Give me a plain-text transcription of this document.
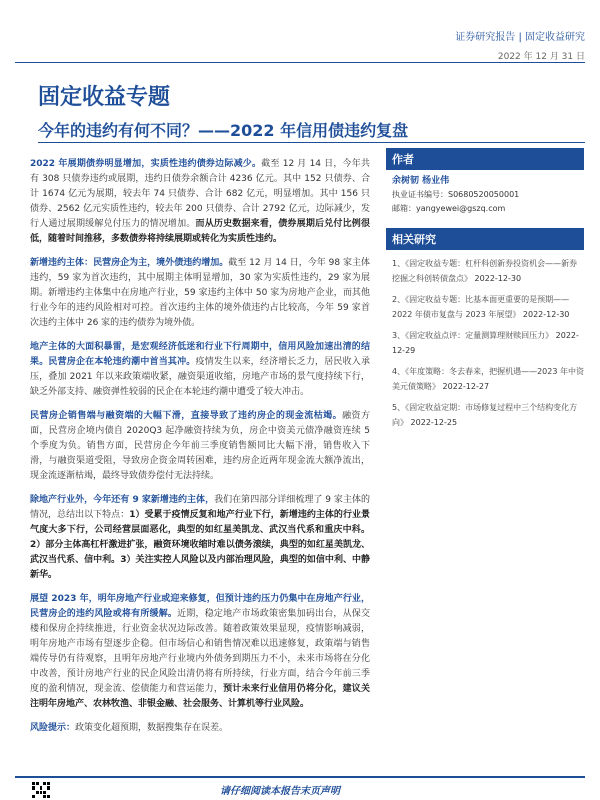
证券研究报告 | 固定收益研究
2022 年 12 月 31 日
固定收益专题
今年的违约有何不同？——2022 年信用债违约复盘

2022 年展期债券明显增加，实质性违约债券边际减少。截至 12 月 14 日，今年共有 308 只债券违约或展期，违约日债券余额合计 4236 亿元。其中 152 只债券、合计 1674 亿元为展期，较去年 74 只债券、合计 682 亿元，明显增加。其中 156 只债券、2562 亿元实质性违约，较去年 200 只债券、合计 2792 亿元，边际减少，发行人通过展期缓解兑付压力的情况增加。而从历史数据来看，债券展期后兑付比例很低，随着时间推移，多数债券将持续展期或转化为实质性违约。

新增违约主体：民营房企为主，境外债违约增加。截至 12 月 14 日，今年 98 家主体违约，59 家为首次违约，其中展期主体明显增加，30 家为实质性违约，29 家为展期。新增违约主体集中在房地产行业，59 家违约主体中 50 家为房地产企业，而其他行业今年的违约风险相对可控。首次违约主体的境外债违约占比较高，今年 59 家首次违约主体中 26 家的违约债券为境外债。

地产主体的大面积暴雷，是宏观经济低迷和行业下行周期中，信用风险加速出清的结果。民营房企在本轮违约潮中首当其冲。疫情发生以来，经济增长乏力，居民收入承压，叠加 2021 年以来政策端收紧，融资渠道收缩，房地产市场的景气度持续下行，缺乏外部支持、融资弹性较弱的民企在本轮违约潮中遭受了较大冲击。

民营房企销售端与融资端的大幅下滑，直接导致了违约房企的现金流枯竭。融资方面，民营房企境内债自 2020Q3 起净融资持续为负，房企中资美元债净融资连续 5 个季度为负。销售方面，民营房企今年前三季度销售额同比大幅下滑，销售收入下滑，与融资渠道受阻，导致房企资金周转困难，违约房企近两年现金流大额净流出，现金流逐渐枯竭，最终导致债券偿付无法持续。

除地产行业外，今年还有 9 家新增违约主体，我们在第四部分详细梳理了 9 家主体的情况，总结出以下特点：1）受累于疫情反复和地产行业下行，新增违约主体的行业景气度大多下行，公司经营层面恶化，典型的如红星美凯龙、武汉当代系和重庆中科。2）部分主体高杠杆激进扩张，融资环境收缩时难以债务滚续，典型的如红星美凯龙、武汉当代系、信中利。3）关注实控人风险以及内部治理风险，典型的如信中利、中静新华。

展望 2023 年，明年房地产行业或迎来修复，但预计违约压力仍集中在房地产行业，民营房企的违约风险或将有所缓解。近期，稳定地产市场政策密集加码出台，从保交楼和保房企持续推进，行业资金状况边际改善。随着政策效果显现，疫情影响减弱，明年房地产市场有望逐步企稳。但市场信心和销售情况难以迅速修复，政策端与销售端传导仍有待观察，且明年房地产行业境内外债务到期压力不小，未来市场将在分化中改善，预计房地产行业的民企风险出清仍将有所持续，行业方面，结合今年前三季度的盈利情况，现金流、偿债能力和营运能力，预计未来行业信用仍将分化，建议关注明年房地产、农林牧渔、非银金融、社会服务、计算机等行业风险。

风险提示：政策变化超预期，数据搜集存在误差。

作者
余树韧 杨业伟
执业证书编号：S0680520050001
邮箱：yangyewei@gszq.com
相关研究
1、《固定收益专题：杠杆科创新券投资机会——新券挖掘之科创转债盘点》 2022-12-30
2、《固定收益专题：比基本面更重要的是预期——2022 年债市复盘与 2023 年展望》 2022-12-30
3、《固定收益点评：定量测算理财赎回压力》 2022-12-29
4、《年度策略：冬去春来，把握机遇——2023 年中资美元债策略》 2022-12-27
5、《固定收益定期：市场修复过程中三个结构变化方向》 2022-12-25
请仔细阅读本报告末页声明
